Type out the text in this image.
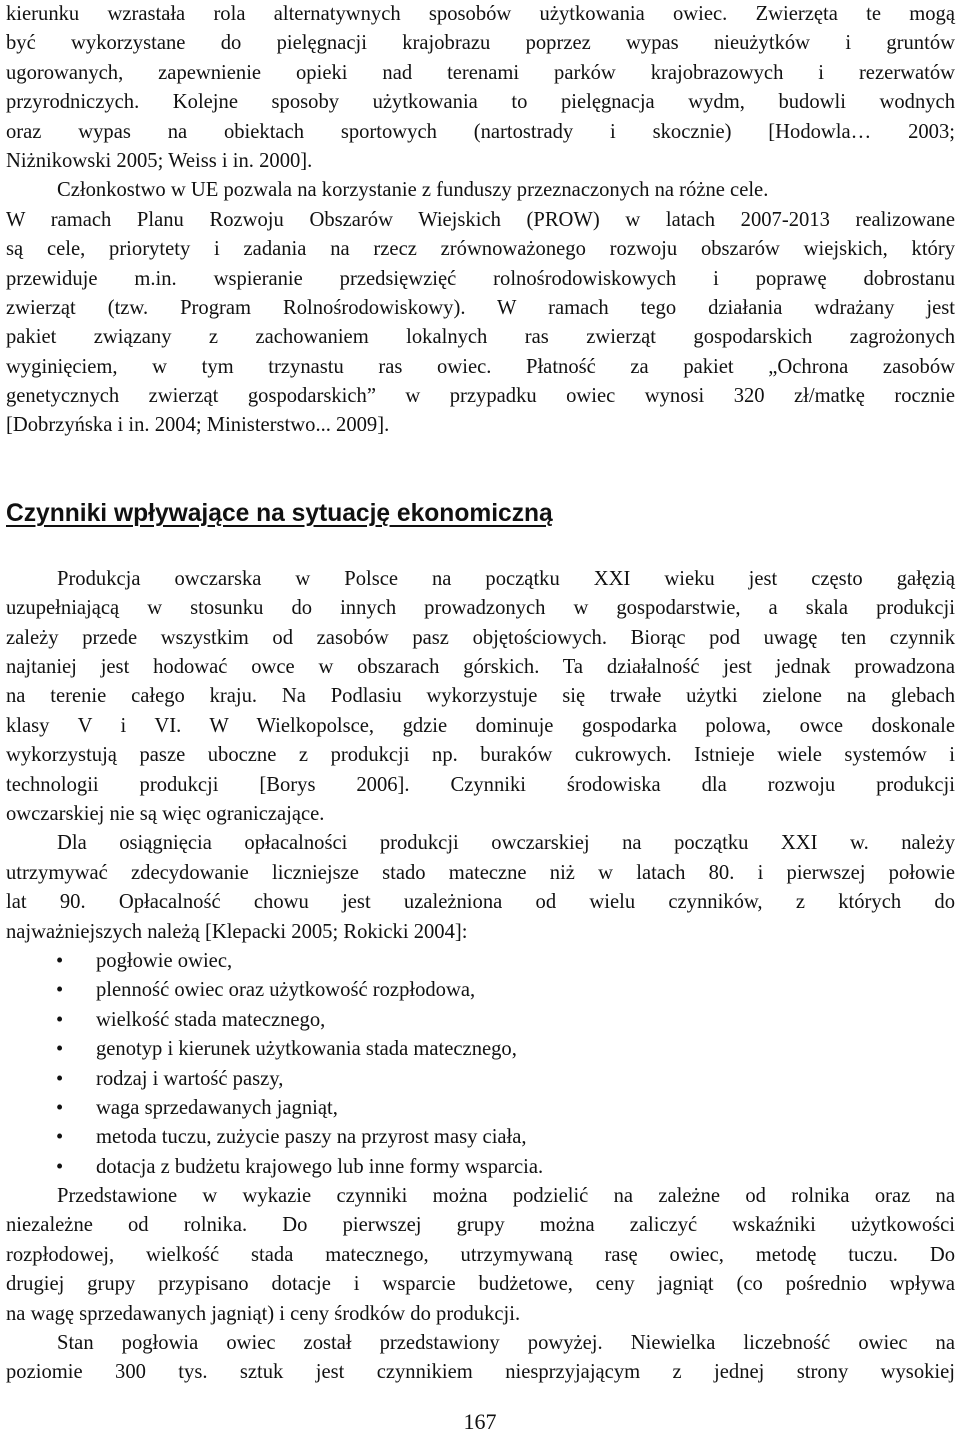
kierunku wzrastała rola alternatywnych sposobów użytkowania owiec. Zwierzęta te mogą
być wykorzystane do pielęgnacji krajobrazu poprzez wypas nieużytków i gruntów
ugorowanych, zapewnienie opieki nad terenami parków krajobrazowych i rezerwatów
przyrodniczych. Kolejne sposoby użytkowania to pielęgnacja wydm, budowli wodnych
oraz wypas na obiektach sportowych (nartostrady i skocznie) [Hodowla… 2003;
Niżnikowski 2005; Weiss i in. 2000].
Członkostwo w UE pozwala na korzystanie z funduszy przeznaczonych na różne cele.
W ramach Planu Rozwoju Obszarów Wiejskich (PROW) w latach 2007-2013 realizowane
są cele, priorytety i zadania na rzecz zrównoważonego rozwoju obszarów wiejskich, który
przewiduje m.in. wspieranie przedsięwzięć rolnośrodowiskowych i poprawę dobrostanu
zwierząt (tzw. Program Rolnośrodowiskowy). W ramach tego działania wdrażany jest
pakiet związany z zachowaniem lokalnych ras zwierząt gospodarskich zagrożonych
wyginięciem, w tym trzynastu ras owiec. Płatność za pakiet „Ochrona zasobów
genetycznych zwierząt gospodarskich” w przypadku owiec wynosi 320 zł/matkę rocznie
[Dobrzyńska i in. 2004; Ministerstwo... 2009].
Czynniki wpływające na sytuację ekonomiczną
Produkcja owczarska w Polsce na początku XXI wieku jest często gałęzią
uzupełniającą w stosunku do innych prowadzonych w gospodarstwie, a skala produkcji
zależy przede wszystkim od zasobów pasz objętościowych. Biorąc pod uwagę ten czynnik
najtaniej jest hodować owce w obszarach górskich. Ta działalność jest jednak prowadzona
na terenie całego kraju. Na Podlasiu wykorzystuje się trwałe użytki zielone na glebach
klasy V i VI. W Wielkopolsce, gdzie dominuje gospodarka polowa, owce doskonale
wykorzystują pasze uboczne z produkcji np. buraków cukrowych. Istnieje wiele systemów i
technologii produkcji [Borys 2006]. Czynniki środowiska dla rozwoju produkcji
owczarskiej nie są więc ograniczające.
Dla osiągnięcia opłacalności produkcji owczarskiej na początku XXI w. należy
utrzymywać zdecydowanie liczniejsze stado mateczne niż w latach 80. i pierwszej połowie
lat 90. Opłacalność chowu jest uzależniona od wielu czynników, z których do
najważniejszych należą [Klepacki 2005; Rokicki 2004]:
• pogłowie owiec,
• plenność owiec oraz użytkowość rozpłodowa,
• wielkość stada matecznego,
• genotyp i kierunek użytkowania stada matecznego,
• rodzaj i wartość paszy,
• waga sprzedawanych jagniąt,
• metoda tuczu, zużycie paszy na przyrost masy ciała,
• dotacja z budżetu krajowego lub inne formy wsparcia.
Przedstawione w wykazie czynniki można podzielić na zależne od rolnika oraz na
niezależne od rolnika. Do pierwszej grupy można zaliczyć wskaźniki użytkowości
rozpłodowej, wielkość stada matecznego, utrzymywaną rasę owiec, metodę tuczu. Do
drugiej grupy przypisano dotacje i wsparcie budżetowe, ceny jagniąt (co pośrednio wpływa
na wagę sprzedawanych jagniąt) i ceny środków do produkcji.
Stan pogłowia owiec został przedstawiony powyżej. Niewielka liczebność owiec na
poziomie 300 tys. sztuk jest czynnikiem niesprzyjającym z jednej strony wysokiej
167
